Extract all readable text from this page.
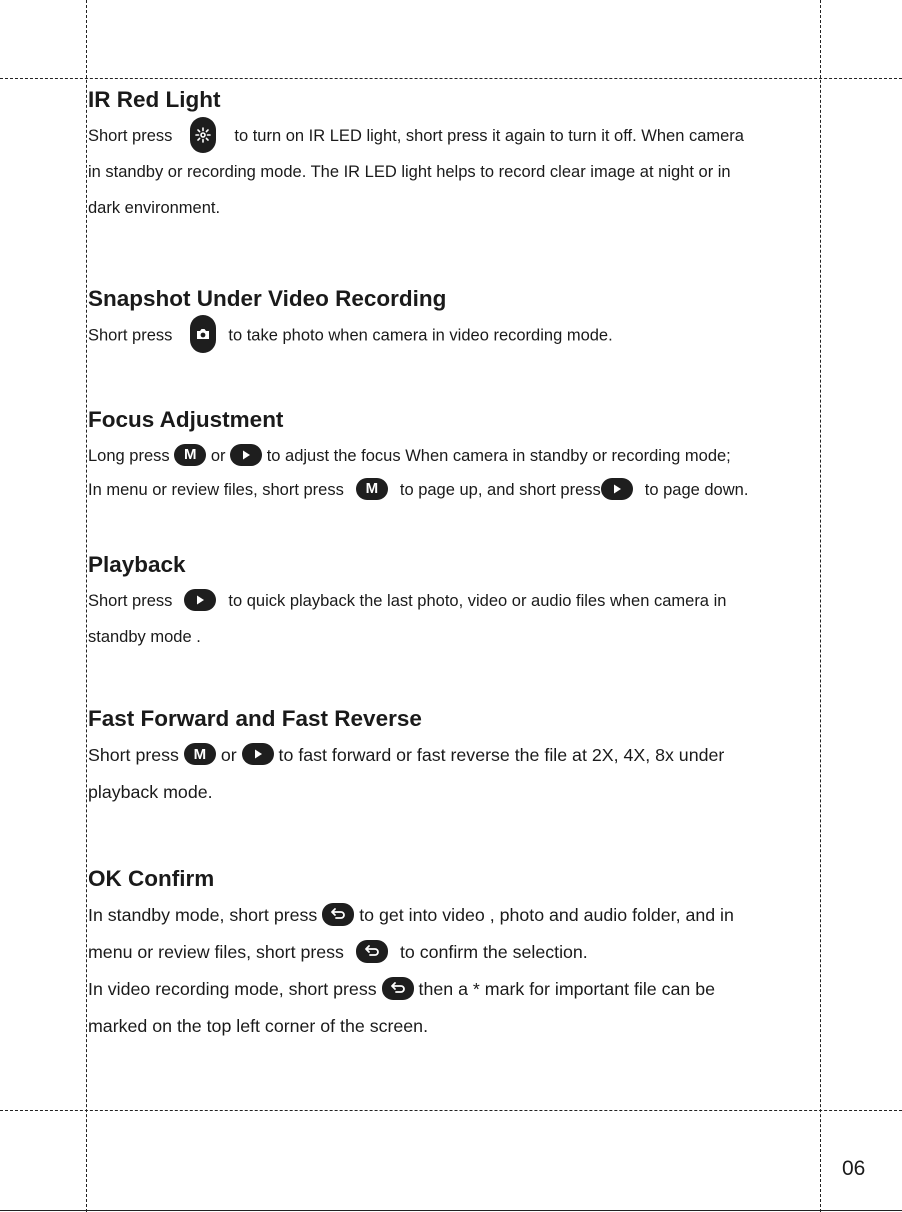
IR Red Light
Short press	to turn on IR LED light, short press it again to turn it off. When camera
in standby or recording mode. The IR LED light helps to record clear image at night or in
dark environment.
Snapshot Under Video Recording
Short press	to take photo when camera in video recording mode.
Focus Adjustment
Long press M or to adjust the focus When camera in standby or recording mode;
In menu or review files, short press M to page up, and short press	to page down.
Playback
Short press	to quick playback the last photo, video or audio files when camera in
standby mode .
Fast Forward and Fast Reverse
Short press M or to fast forward or fast reverse the file at 2X, 4X, 8x under
playback mode.
OK Confirm
In standby mode, short press to get into video , photo and audio folder, and in
menu or review files, short press	to confirm the selection.
In video recording mode, short press then a * mark for important file can be
marked on the top left corner of the screen.
06
